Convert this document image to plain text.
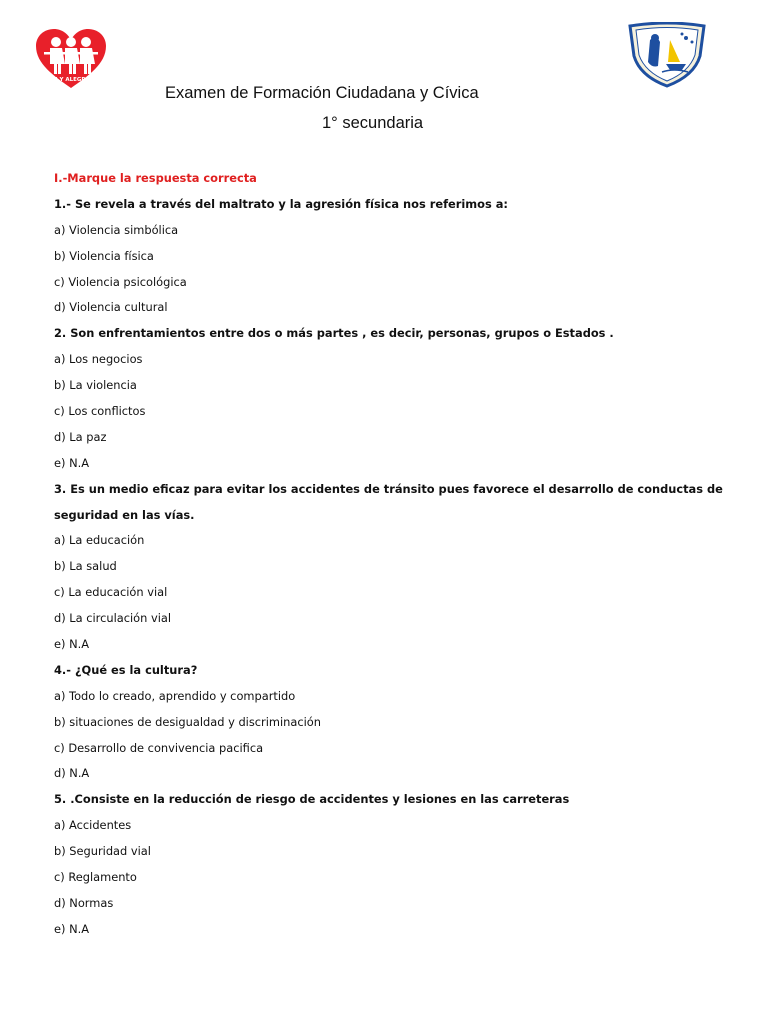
FE Y ALEGRIA
Examen de Formación Ciudadana y Cívica
1° secundaria
I.-Marque la respuesta correcta
1.- Se revela a través del maltrato y la agresión física nos referimos a:
a) Violencia simbólica
b) Violencia física
c) Violencia psicológica
d) Violencia cultural
2. Son enfrentamientos entre dos o más partes , es decir, personas, grupos o Estados .
a) Los negocios
b) La violencia
c) Los conflictos
d) La paz
e) N.A
3. Es un medio eficaz para evitar los accidentes de tránsito pues favorece el desarrollo de conductas de
seguridad en las vías.
a) La educación
b) La salud
c) La educación vial
d) La circulación vial
e) N.A
4.- ¿Qué es la cultura?
a) Todo lo creado, aprendido y compartido
b) situaciones de desigualdad y discriminación
c) Desarrollo de convivencia pacifica
d) N.A
5. .Consiste en la reducción de riesgo de accidentes y lesiones en las carreteras
a) Accidentes
b) Seguridad vial
c) Reglamento
d) Normas
e) N.A
